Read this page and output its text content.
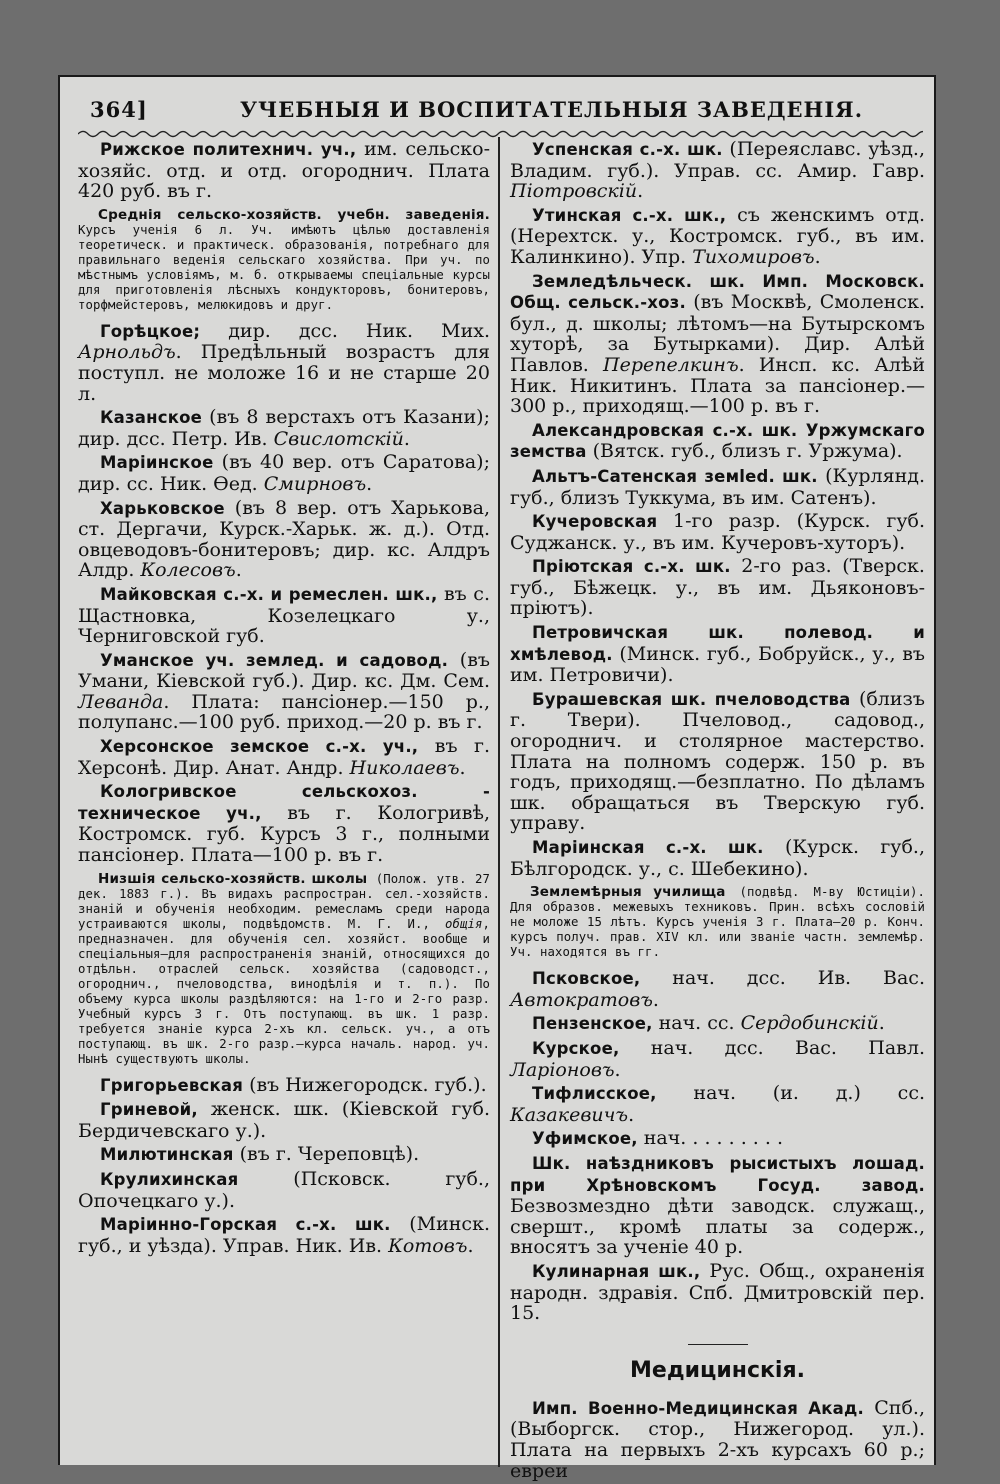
364]	УЧЕБНЫЯ И ВОСПИТАТЕЛЬНЫЯ ЗАВЕДЕНІЯ.

Рижское политехнич. уч., им. сельско-хозяйс. отд. и отд. огороднич. Плата 420 руб. въ г.

Среднія сельско-хозяйств. учебн. заведенія. Курсъ ученія 6 л. Уч. имѣютъ цѣлью доставленія теоретическ. и практическ. образованія, потребнаго для правильнаго веденія сельскаго хозяйства. При уч. по мѣстнымъ условіямъ, м. б. открываемы спеціальные курсы для приготовленія лѣсныхъ кондукторовъ, бонитеровъ, торфмейстеровъ, мелюкидовъ и друг.

Горѣцкое; дир. дсс. Ник. Мих. Арнольдъ. Предѣльный возрастъ для поступл. не моложе 16 и не старше 20 л.

Казанское (въ 8 верстахъ отъ Казани); дир. дсс. Петр. Ив. Свислотскій.

Маріинское (въ 40 вер. отъ Саратова); дир. сс. Ник. Ѳед. Смирновъ.

Харьковское (въ 8 вер. отъ Харькова, ст. Дергачи, Курск.-Харьк. ж. д.). Отд. овцеводовъ-бонитеровъ; дир. кс. Алдръ Алдр. Колесовъ.

Майковская с.-х. и ремеслен. шк., въ с. Щастновка, Козелецкаго у., Черниговской губ.

Уманское уч. землед. и садовод. (въ Умани, Кіевской губ.). Дир. кс. Дм. Сем. Леванда. Плата: пансіонер.—150 р., полупанс.—100 руб. приход.—20 р. въ г.

Херсонское земское с.-х. уч., въ г. Херсонѣ. Дир. Анат. Андр. Николаевъ.

Кологривское сельскохоз. - техническое уч., въ г. Кологривѣ, Костромск. губ. Курсъ 3 г., полными пансіонер. Плата—100 р. въ г.

Низшія сельско-хозяйств. школы (Полож. утв. 27 дек. 1883 г.). Въ видахъ распростран. сел.-хозяйств. знаній и обученія необходим. ремесламъ среди народа устраиваются школы, подвѣдомств. М. Г. И., общія, предназначен. для обученія сел. хозяйст. вообще и спеціальныя—для распространенія знаній, относящихся до отдѣльн. отраслей сельск. хозяйства (садоводст., огороднич., пчеловодства, винодѣлія и т. п.). По объему курса школы раздѣляются: на 1-го и 2-го разр. Учебный курсъ 3 г. Отъ поступающ. въ шк. 1 разр. требуется знаніе курса 2-хъ кл. сельск. уч., а отъ поступающ. въ шк. 2-го разр.—курса началь. народ. уч. Нынѣ существуютъ школы.

Григорьевская (въ Нижегородск. губ.).

Гриневой, женск. шк. (Кіевской губ. Бердичевскаго у.).

Милютинская (въ г. Череповцѣ).

Крулихинская (Псковск. губ., Опочецкаго у.).

Маріинно-Горская с.-х. шк. (Минск. губ., и уѣзда). Управ. Ник. Ив. Котовъ.

Успенская с.-х. шк. (Переяславс. уѣзд., Владим. губ.). Управ. сс. Амир. Гавр. Піотровскій.

Утинская с.-х. шк., съ женскимъ отд. (Нерехтск. у., Костромск. губ., въ им. Калинкино). Упр. Тихомировъ.

Земледѣльческ. шк. Имп. Московск. Общ. сельск.-хоз. (въ Москвѣ, Смоленск. бул., д. школы; лѣтомъ—на Бутырскомъ хуторѣ, за Бутырками). Дир. Алѣй Павлов. Перепелкинъ. Инсп. кс. Алѣй Ник. Никитинъ. Плата за пансіонер.—300 р., приходящ.—100 р. въ г.

Александровская с.-х. шк. Уржумскаго земства (Вятск. губ., близъ г. Уржума).

Альтъ-Сатенская земled. шк. (Курлянд. губ., близъ Туккума, въ им. Сатенъ).

Кучеровская 1-го разр. (Курск. губ. Суджанск. у., въ им. Кучеровъ-хуторъ).

Пріютская с.-х. шк. 2-го раз. (Тверск. губ., Бѣжецк. у., въ им. Дьяконовъ-пріютъ).

Петровичская шк. полевод. и хмѣлевод. (Минск. губ., Бобруйск., у., въ им. Петровичи).

Бурашевская шк. пчеловодства (близъ г. Твери). Пчеловод., садовод., огороднич. и столярное мастерство. Плата на полномъ содерж. 150 р. въ годъ, приходящ.—безплатно. По дѣламъ шк. обращаться въ Тверскую губ. управу.

Маріинская с.-х. шк. (Курск. губ., Бѣлгородск. у., с. Шебекино).

Землемѣрныя училища (подвѣд. М-ву Юстиціи). Для образов. межевыхъ техниковъ. Прин. всѣхъ сословій не моложе 15 лѣтъ. Курсъ ученія 3 г. Плата—20 р. Конч. курсъ получ. прав. XIV кл. или званіе частн. землемѣр. Уч. находятся въ гг.

Псковское, нач. дсс. Ив. Вас. Автократовъ.

Пензенское, нач. сс. Сердобинскій.

Курское, нач. дсс. Вас. Павл. Ларіоновъ.

Тифлисское, нач. (и. д.) сс. Казакевичъ.

Уфимское, нач. . . . . . . . .

Шк. наѣздниковъ рысистыхъ лошад. при Хрѣновскомъ Госуд. завод. Безвозмездно дѣти заводск. служащ., свершт., кромѣ платы за содерж., вносятъ за ученіе 40 р.

Кулинарная шк., Рус. Общ., охраненія народн. здравія. Спб. Дмитровскій пер. 15.

Медицинскія.

Имп. Военно-Медицинская Акад. Спб., (Выборгск. стор., Нижегород. ул.). Плата на первыхъ 2-хъ курсахъ 60 р.; евреи
